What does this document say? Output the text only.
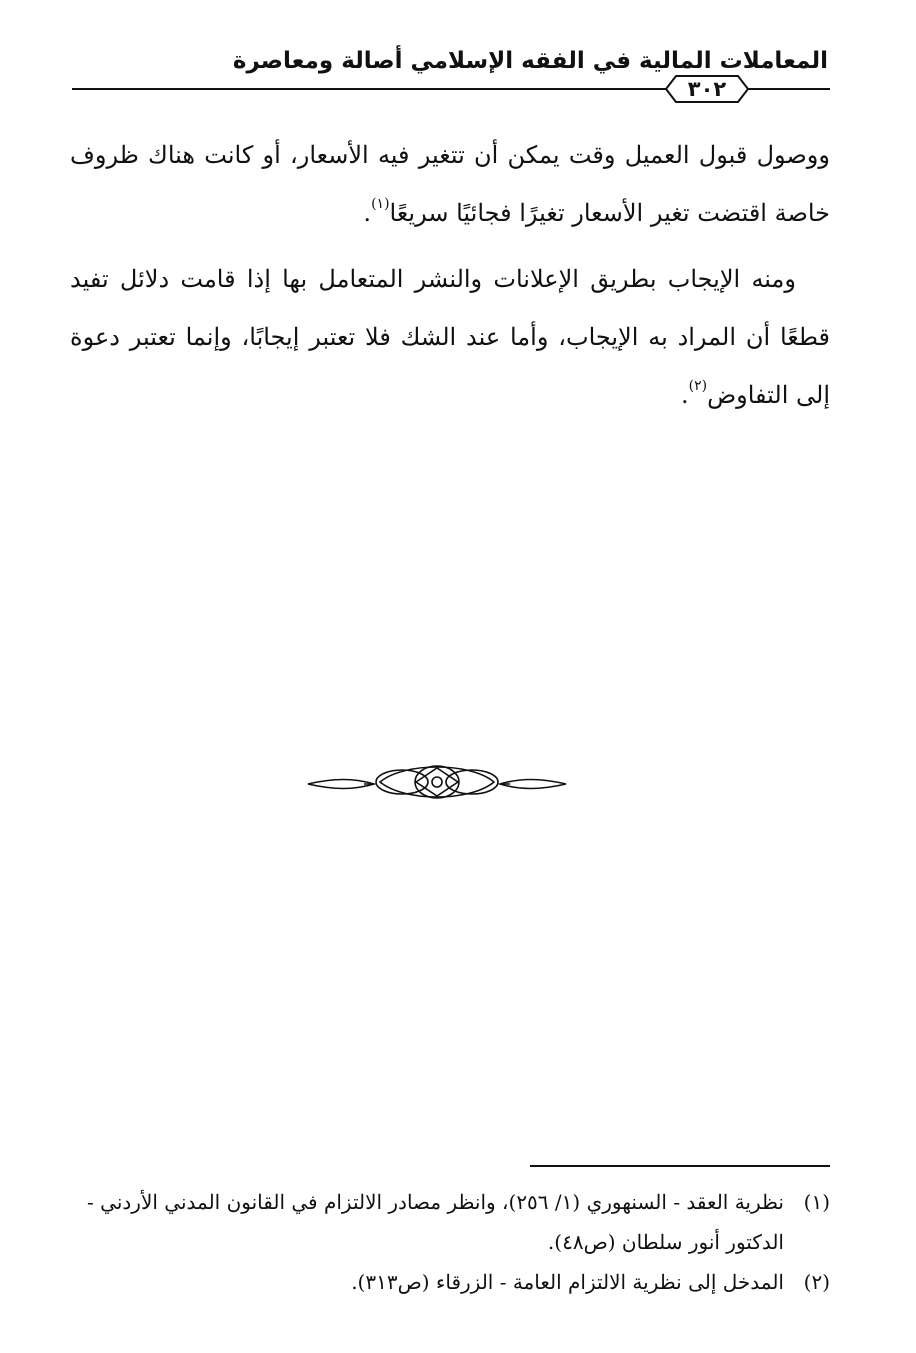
المعاملات المالية في الفقه الإسلامي أصالة ومعاصرة
٣٠٢

ووصول قبول العميل وقت يمكن أن تتغير فيه الأسعار، أو كانت هناك ظروف خاصة اقتضت تغير الأسعار تغيرًا فجائيًا سريعًا$^{(١)}$.

ومنه الإيجاب بطريق الإعلانات والنشر المتعامل بها إذا قامت دلائل تفيد قطعًا أن المراد به الإيجاب، وأما عند الشك فلا تعتبر إيجابًا، وإنما تعتبر دعوة إلى التفاوض$^{(٢)}$.

(١)
نظرية العقد - السنهوري (١/ ٢٥٦)، وانظر مصادر الالتزام في القانون المدني الأردني - الدكتور أنور سلطان (ص٤٨).

(٢)
المدخل إلى نظرية الالتزام العامة - الزرقاء (ص٣١٣).
